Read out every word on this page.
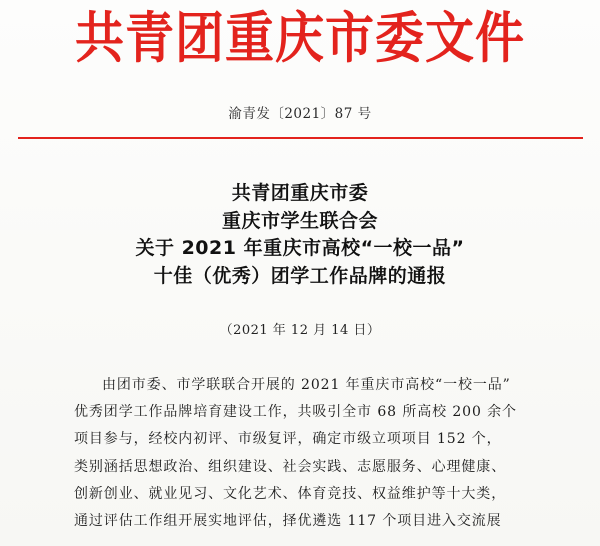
共青团重庆市委文件
渝青发〔2021〕87 号
共青团重庆市委
重庆市学生联合会
关于 2021 年重庆市高校“一校一品”
十佳（优秀）团学工作品牌的通报
（2021 年 12 月 14 日）
由团市委、市学联联合开展的 2021 年重庆市高校“一校一品”
优秀团学工作品牌培育建设工作，共吸引全市 68 所高校 200 余个
项目参与，经校内初评、市级复评，确定市级立项项目 152 个，
类别涵括思想政治、组织建设、社会实践、志愿服务、心理健康、
创新创业、就业见习、文化艺术、体育竞技、权益维护等十大类，
通过评估工作组开展实地评估，择优遴选 117 个项目进入交流展
